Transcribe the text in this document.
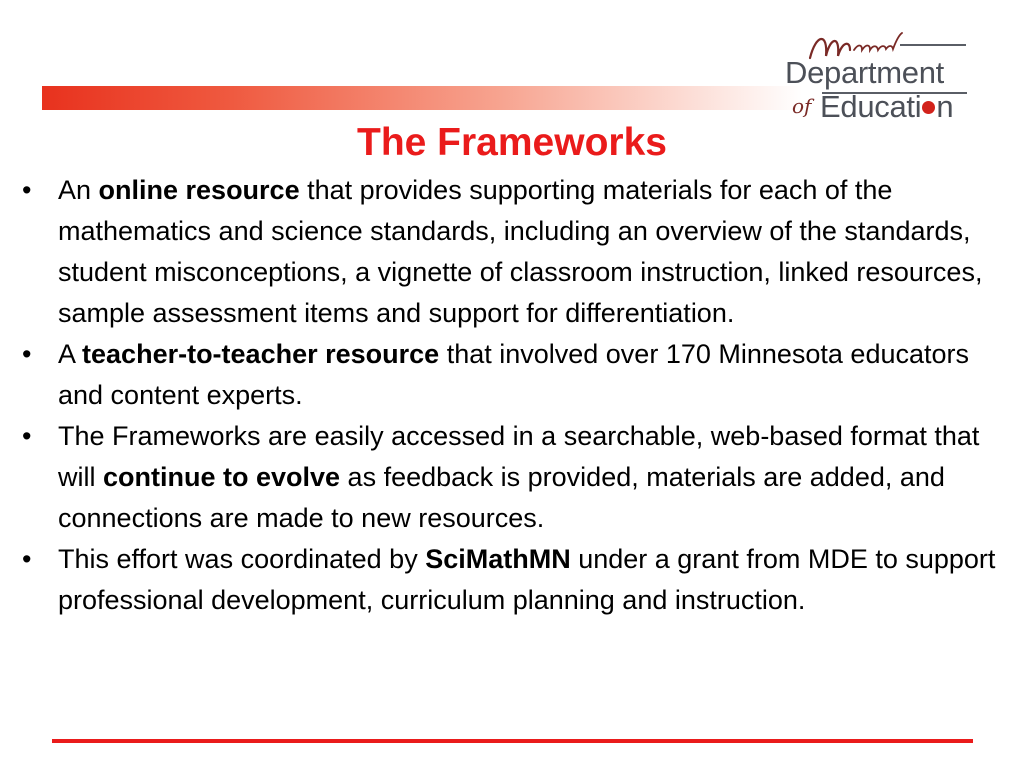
Department
of Educati n
The Frameworks
• An online resource that provides supporting materials for each of the mathematics and science standards, including an overview of the standards, student misconceptions, a vignette of classroom instruction, linked resources, sample assessment items and support for differentiation.
• A teacher-to-teacher resource that involved over 170 Minnesota educators and content experts.
• The Frameworks are easily accessed in a searchable, web-based format that will continue to evolve as feedback is provided, materials are added, and connections are made to new resources.
• This effort was coordinated by SciMathMN under a grant from MDE to support professional development, curriculum planning and instruction.
